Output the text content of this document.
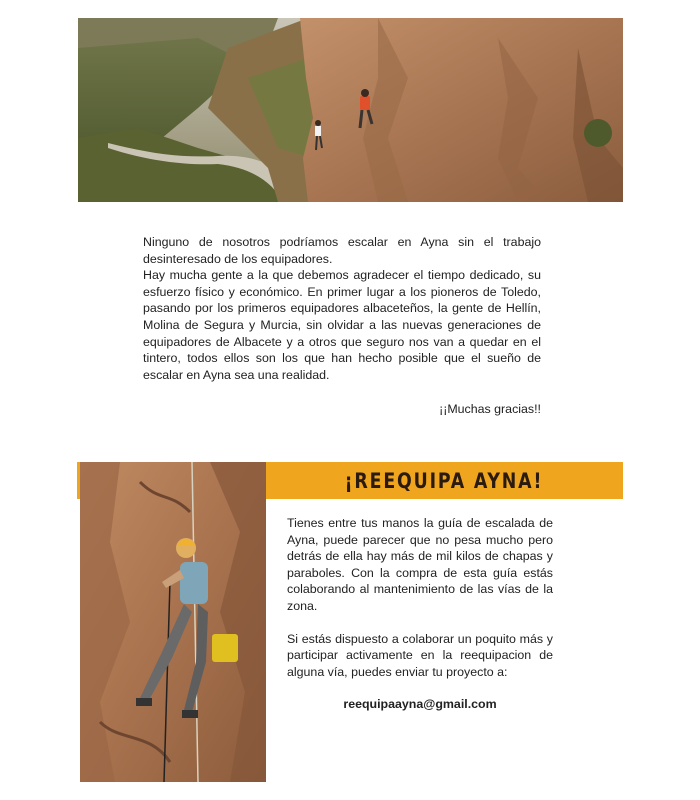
Ninguno de nosotros podríamos escalar en Ayna sin el trabajo desinteresado de los equipadores.

Hay mucha gente a la que debemos agradecer el tiempo dedicado, su esfuerzo físico y económico. En primer lugar a los pioneros de Toledo, pasando por los primeros equipadores albaceteños, la gente de Hellín, Molina de Segura y Murcia, sin olvidar a las nuevas generaciones de equipadores de Albacete y a otros que seguro nos van a quedar en el tintero, todos ellos son los que han hecho posible que el sueño de escalar en Ayna sea una realidad.

¡¡Muchas gracias!!

¡REEQUIPA AYNA!

Tienes entre tus manos la guía de escalada de Ayna, puede parecer que no pesa mucho pero detrás de ella hay más de mil kilos de chapas y paraboles. Con la compra de esta guía estás colaborando al mantenimiento de las vías de la zona.

Si estás dispuesto a colaborar un poquito más y participar activamente en la reequipacion de alguna vía, puedes enviar tu proyecto a:

reequipaayna@gmail.com
